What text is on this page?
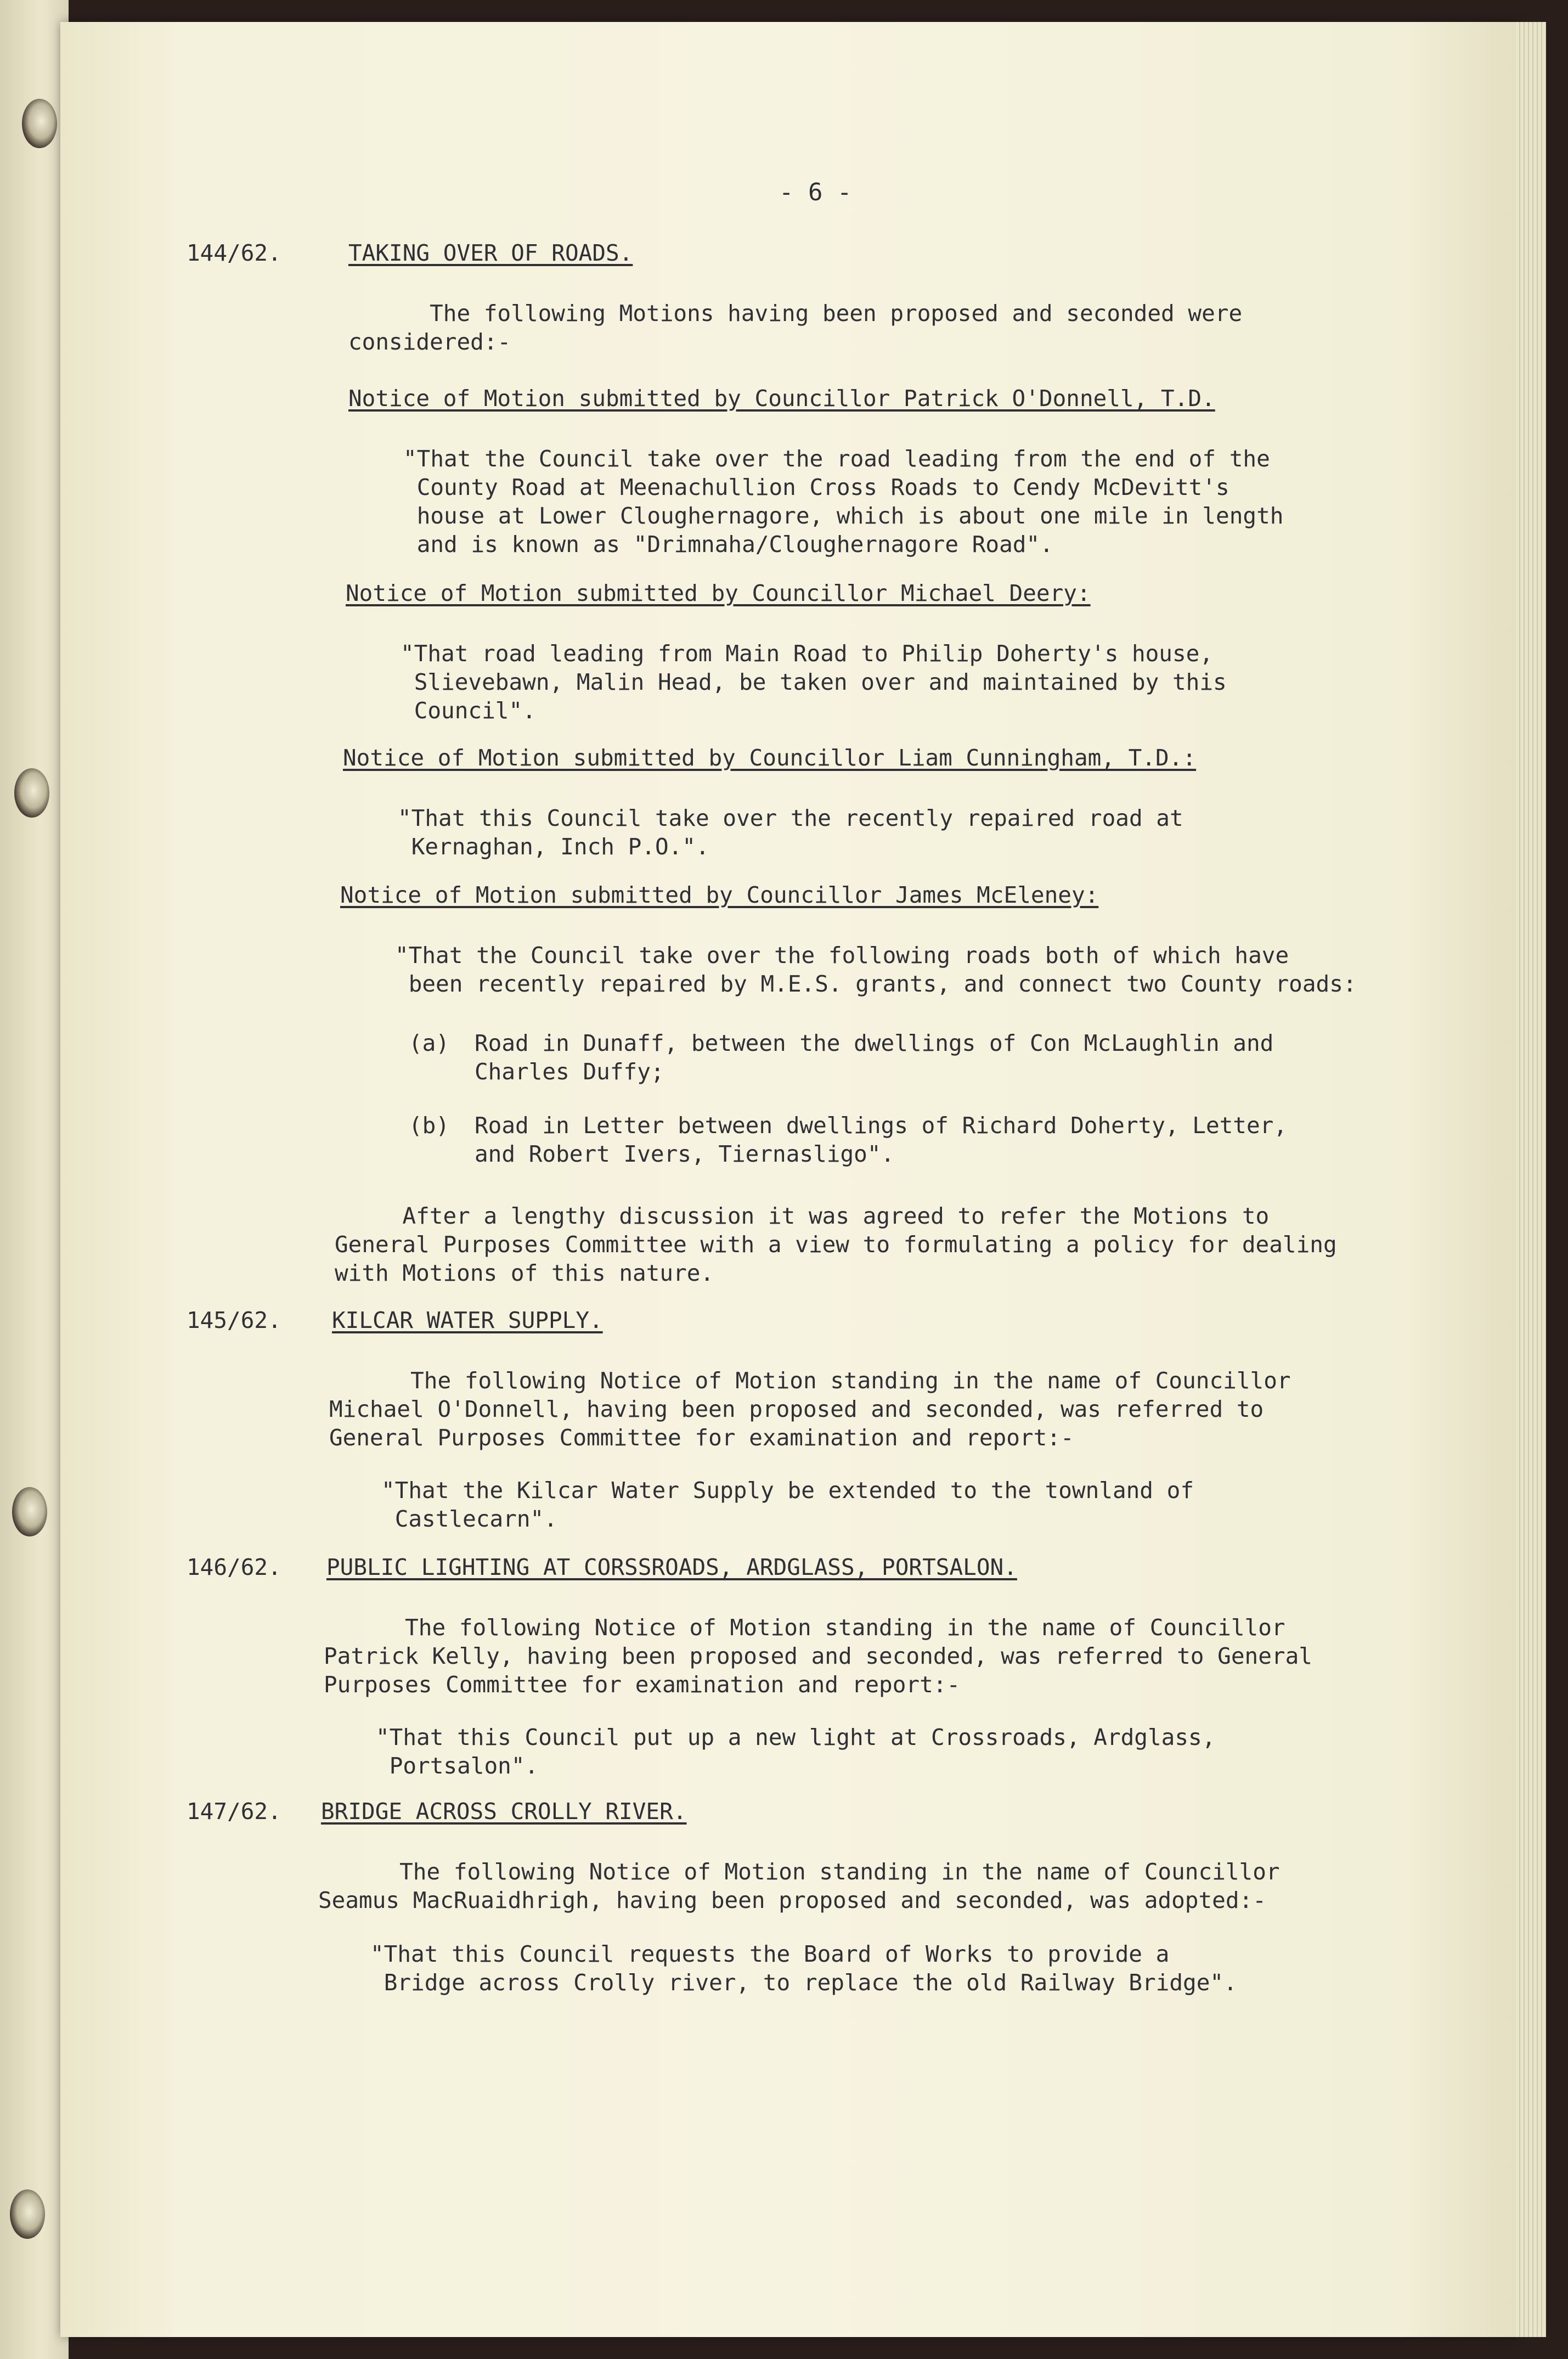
- 6 -
144/62.	TAKING OVER OF ROADS.
The following Motions having been proposed and seconded were
considered:-
Notice of Motion submitted by Councillor Patrick O'Donnell, T.D.
"That the Council take over the road leading from the end of the
County Road at Meenachullion Cross Roads to Cendy McDevitt's
house at Lower Cloughernagore, which is about one mile in length
and is known as "Drimnaha/Cloughernagore Road".
Notice of Motion submitted by Councillor Michael Deery:
"That road leading from Main Road to Philip Doherty's house,
Slievebawn, Malin Head, be taken over and maintained by this
Council".
Notice of Motion submitted by Councillor Liam Cunningham, T.D.:
"That this Council take over the recently repaired road at
Kernaghan, Inch P.O.".
Notice of Motion submitted by Councillor James McEleney:
"That the Council take over the following roads both of which have
been recently repaired by M.E.S. grants, and connect two County roads:
(a) Road in Dunaff, between the dwellings of Con McLaughlin and
Charles Duffy;
(b) Road in Letter between dwellings of Richard Doherty, Letter,
and Robert Ivers, Tiernasligo".
After a lengthy discussion it was agreed to refer the Motions to
General Purposes Committee with a view to formulating a policy for dealing
with Motions of this nature.
145/62. KILCAR WATER SUPPLY.
The following Notice of Motion standing in the name of Councillor
Michael O'Donnell, having been proposed and seconded, was referred to
General Purposes Committee for examination and report:-
"That the Kilcar Water Supply be extended to the townland of
Castlecarn".
146/62. PUBLIC LIGHTING AT CORSSROADS, ARDGLASS, PORTSALON.
The following Notice of Motion standing in the name of Councillor
Patrick Kelly, having been proposed and seconded, was referred to General
Purposes Committee for examination and report:-
"That this Council put up a new light at Crossroads, Ardglass,
Portsalon".
147/62. BRIDGE ACROSS CROLLY RIVER.
The following Notice of Motion standing in the name of Councillor
Seamus MacRuaidhrigh, having been proposed and seconded, was adopted:-
"That this Council requests the Board of Works to provide a
Bridge across Crolly river, to replace the old Railway Bridge".
